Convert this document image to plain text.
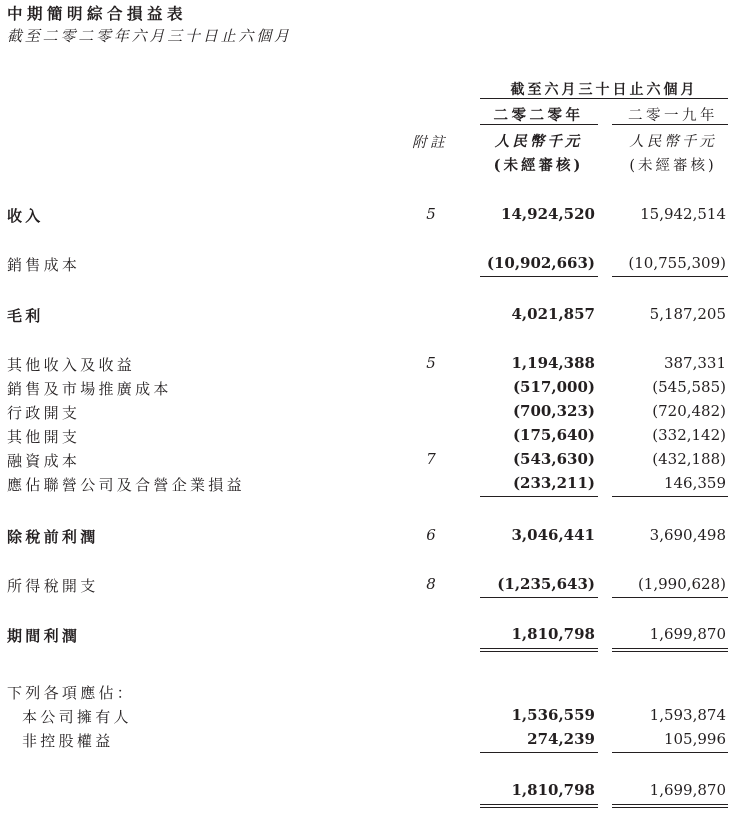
中期簡明綜合損益表
截至二零二零年六月三十日止六個月
截至六月三十日止六個月
二零二零年	二零一九年
附註	人民幣千元	人民幣千元
(未經審核)	(未經審核)
收入	5	14,924,520	15,942,514
銷售成本	(10,902,663) (10,755,309)
毛利	4,021,857	5,187,205
其他收入及收益	5	1,194,388	387,331
銷售及市場推廣成本	(517,000)	(545,585)
行政開支	(700,323)	(720,482)
其他開支	(175,640)	(332,142)
融資成本	7	(543,630)	(432,188)
應佔聯營公司及合營企業損益	(233,211)	146,359
除稅前利潤	6	3,046,441	3,690,498
所得稅開支	8	(1,235,643)	(1,990,628)
期間利潤	1,810,798	1,699,870
下列各項應佔：
本公司擁有人	1,536,559	1,593,874
非控股權益	274,239	105,996
1,810,798	1,699,870
